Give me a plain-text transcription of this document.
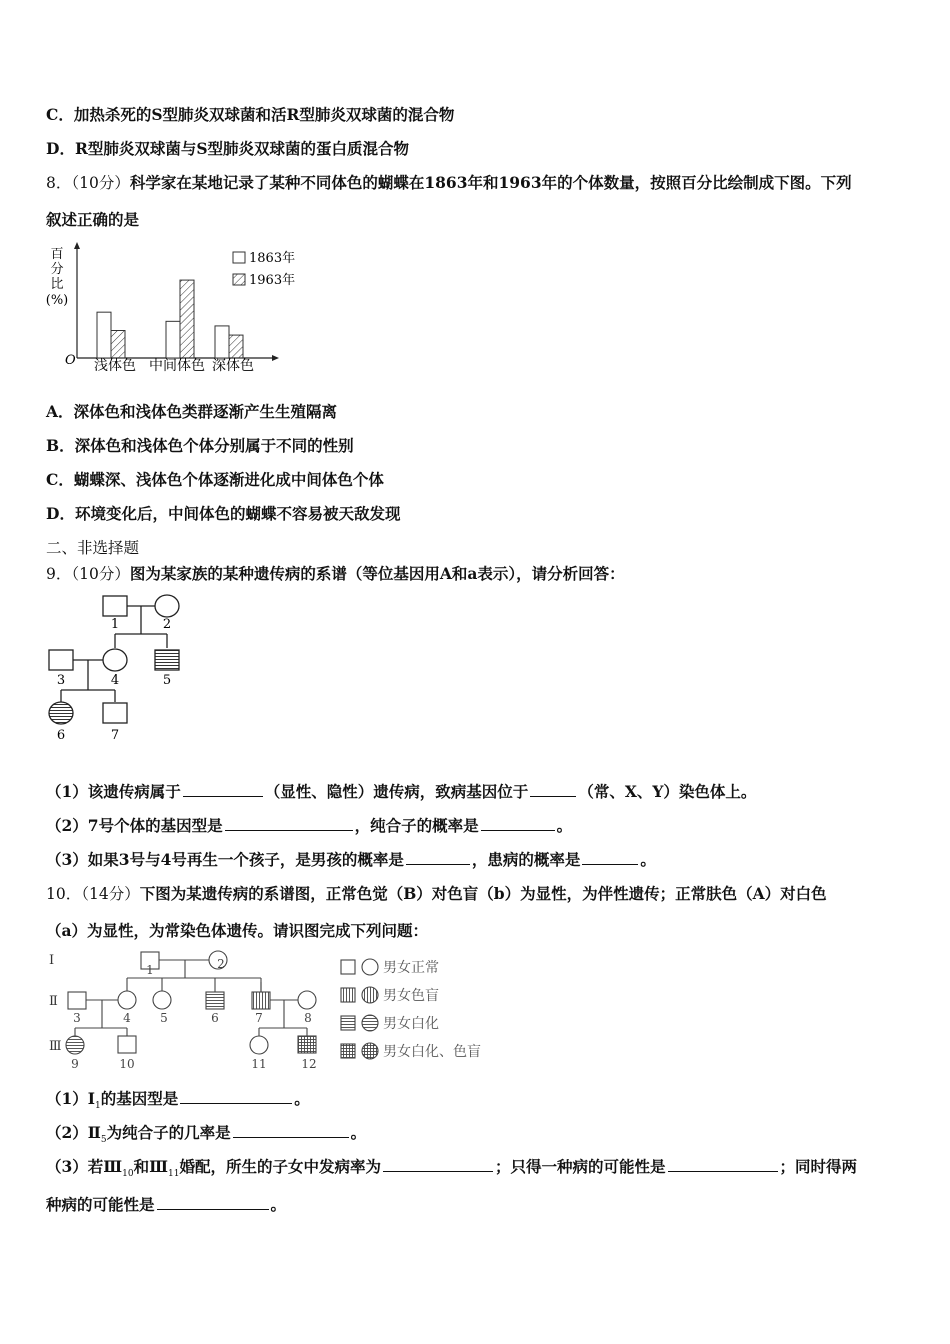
C．加热杀死的S型肺炎双球菌和活R型肺炎双球菌的混合物
D．R型肺炎双球菌与S型肺炎双球菌的蛋白质混合物
8．（10分）科学家在某地记录了某种不同体色的蝴蝶在1863年和1963年的个体数量，按照百分比绘制成下图。下列
叙述正确的是
百分比(%)
O 浅体色 中间体色 深体色
1863年
1963年
A．深体色和浅体色类群逐渐产生生殖隔离
B．深体色和浅体色个体分别属于不同的性别
C．蝴蝶深、浅体色个体逐渐进化成中间体色个体
D．环境变化后，中间体色的蝴蝶不容易被天敌发现
二、非选择题
9．（10分）图为某家族的某种遗传病的系谱（等位基因用A和a表示），请分析回答：
1	2
3	4	5
6	7
（1）该遗传病属于	（显性、隐性）遗传病，致病基因位于	（常、X、Y）染色体上。
（2）7号个体的基因型是	，纯合子的概率是	。
（3）如果3号与4号再生一个孩子，是男孩的概率是	，患病的概率是	。
10．（14分）下图为某遗传病的系谱图，正常色觉（B）对色盲（b）为显性，为伴性遗传；正常肤色（A）对白色
（a）为显性，为常染色体遗传。请识图完成下列问题：
Ⅰ
Ⅱ
Ⅲ
1	2
3	4 5	6	7	8
9	10	11	12
男女正常
男女色盲
男女白化
男女白化、色盲
$(1)Ⅰ_1$的基因型是	。
$(2)Ⅱ_5$为纯合子的几率是	。
（3）若$Ⅲ_{10}$和$Ⅲ_{11}$婚配，所生的子女中发病率为	；只得一种病的可能性是	；同时得两
种病的可能性是	。
